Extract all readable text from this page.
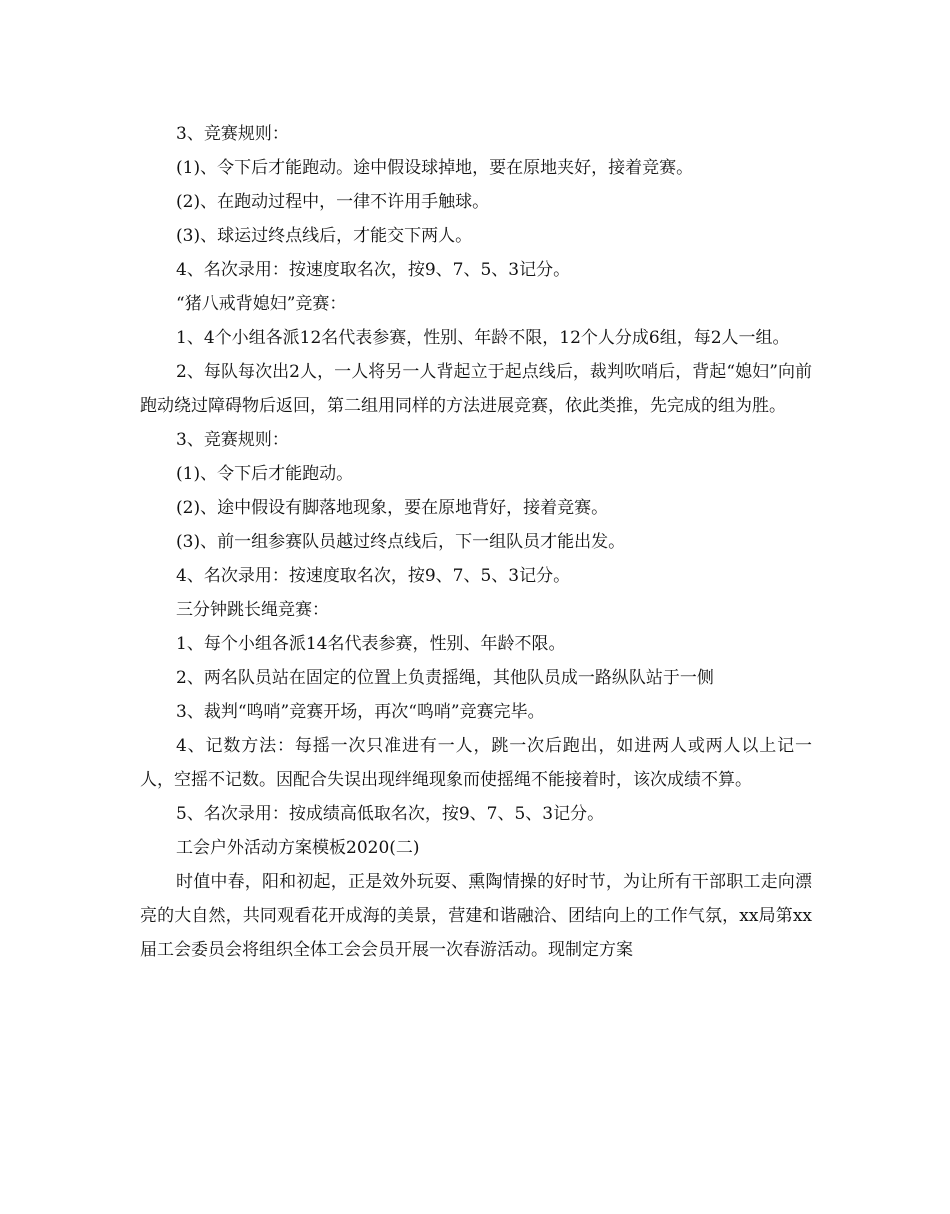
3、竞赛规则：

(1)、令下后才能跑动。途中假设球掉地，要在原地夹好，接着竞赛。

(2)、在跑动过程中，一律不许用手触球。

(3)、球运过终点线后，才能交下两人。

4、名次录用：按速度取名次，按9、7、5、3记分。

“猪八戒背媳妇”竞赛：

1、4个小组各派12名代表参赛，性别、年龄不限，12个人分成6组，每2人一组。

2、每队每次出2人，一人将另一人背起立于起点线后，裁判吹哨后，背起“媳妇”向前跑动绕过障碍物后返回，第二组用同样的方法进展竞赛，依此类推，先完成的组为胜。

3、竞赛规则：

(1)、令下后才能跑动。

(2)、途中假设有脚落地现象，要在原地背好，接着竞赛。

(3)、前一组参赛队员越过终点线后，下一组队员才能出发。

4、名次录用：按速度取名次，按9、7、5、3记分。

三分钟跳长绳竞赛：

1、每个小组各派14名代表参赛，性别、年龄不限。

2、两名队员站在固定的位置上负责摇绳，其他队员成一路纵队站于一侧

3、裁判“鸣哨”竞赛开场，再次“鸣哨”竞赛完毕。

4、记数方法：每摇一次只准进有一人，跳一次后跑出，如进两人或两人以上记一人，空摇不记数。因配合失误出现绊绳现象而使摇绳不能接着时，该次成绩不算。

5、名次录用：按成绩高低取名次，按9、7、5、3记分。

工会户外活动方案模板2020(二)

时值中春，阳和初起，正是效外玩耍、熏陶情操的好时节，为让所有干部职工走向漂亮的大自然，共同观看花开成海的美景，营建和谐融洽、团结向上的工作气氛，xx局第xx届工会委员会将组织全体工会会员开展一次春游活动。现制定方案
